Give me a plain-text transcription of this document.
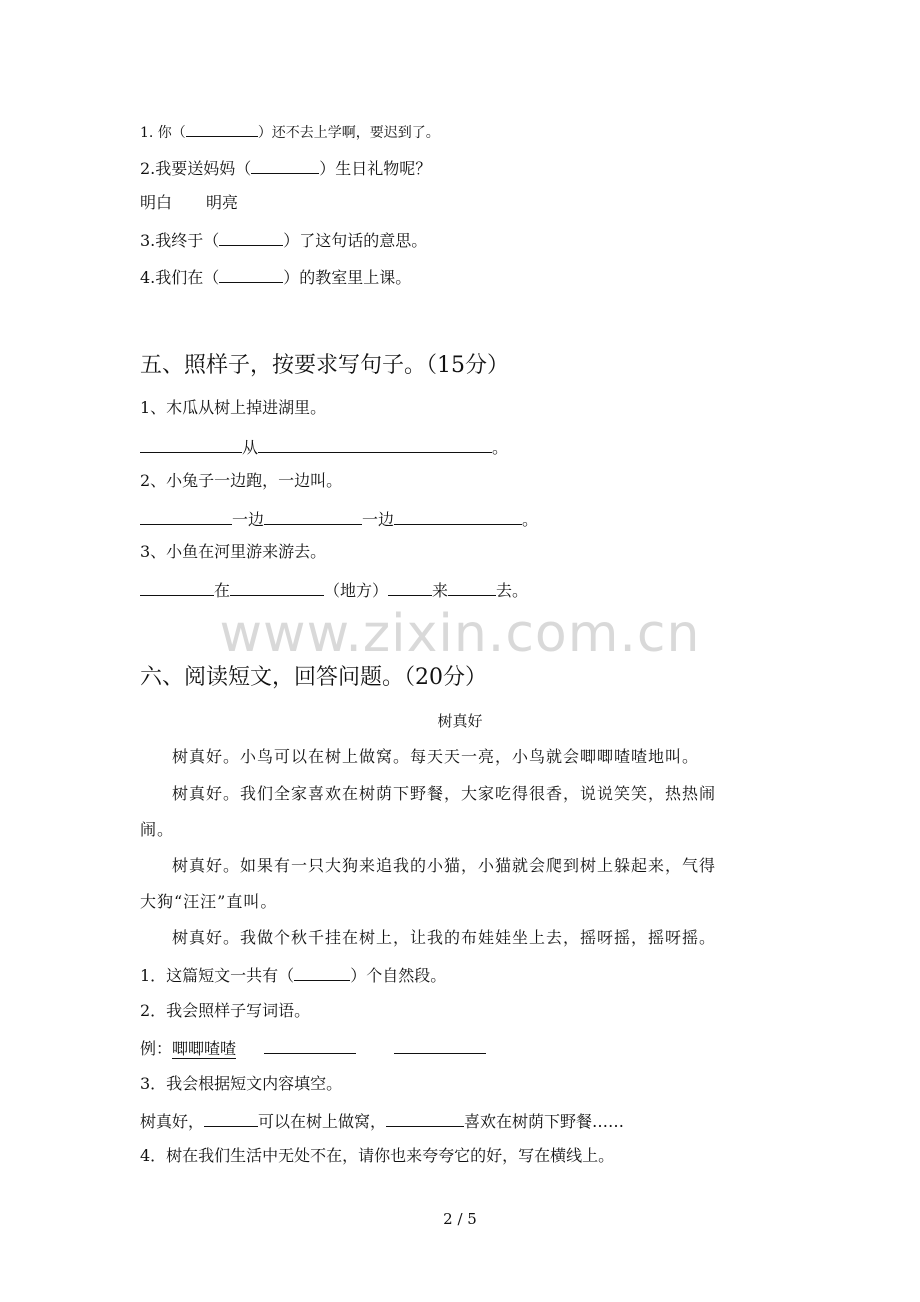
1. 你（	）还不去上学啊，要迟到了。
2.我要送妈妈（	）生日礼物呢？
明白 明亮
3.我终于（	）了这句话的意思。
4.我们在（	）的教室里上课。
五、照样子，按要求写句子。（15分）
1、木瓜从树上掉进湖里。
从	。
2、小兔子一边跑，一边叫。
一边	一边	。
3、小鱼在河里游来游去。
在	（地方）	来	去。
www.zixin.com.cn
六、阅读短文，回答问题。（20分）
树真好
树真好。小鸟可以在树上做窝。每天天一亮，小鸟就会唧唧喳喳地叫。
树真好。我们全家喜欢在树荫下野餐，大家吃得很香，说说笑笑，热热闹
闹。
树真好。如果有一只大狗来追我的小猫，小猫就会爬到树上躲起来，气得
大狗“汪汪”直叫。
树真好。我做个秋千挂在树上，让我的布娃娃坐上去，摇呀摇，摇呀摇。
1．这篇短文一共有（	）个自然段。
2．我会照样子写词语。
例：唧唧喳喳
3．我会根据短文内容填空。
树真好，	可以在树上做窝，	喜欢在树荫下野餐……
4．树在我们生活中无处不在，请你也来夸夸它的好，写在横线上。
2 / 5
